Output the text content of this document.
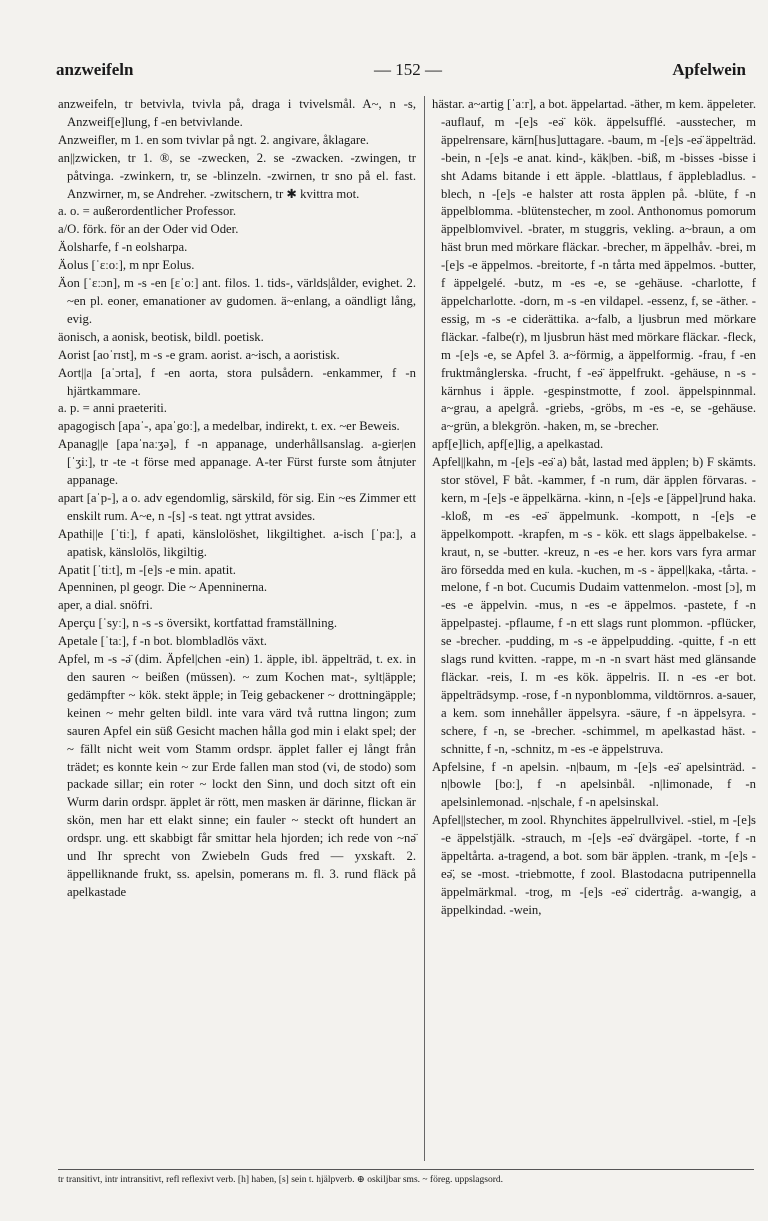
anzweifeln	— 152 —	Apfelwein

anzweifeln, tr betvivla, tvivla på, draga i tvivelsmål. A~, n -s, Anzweif[e]lung, f -en betvivlande.

Anzweifler, m 1. en som tvivlar på ngt. 2. angivare, åklagare.

an||zwicken, tr 1. ®, se -zwecken, 2. se -zwacken. -zwingen, tr påtvinga. -zwinkern, tr, se -blinzeln. -zwirnen, tr sno på el. fast. Anzwirner, m, se Andreher. -zwitschern, tr ✱ kvittra mot.

a. o. = außerordentlicher Professor.

a/O. förk. för an der Oder vid Oder.

Äolsharfe, f -n eolsharpa.

Äolus [ˈɛːoː], m npr Eolus.

Äon [ˈɛːɔn], m -s -en [ɛˈoː] ant. filos. 1. tids-, världs|ålder, evighet. 2. ~en pl. eoner, emanationer av gudomen. ä~enlang, a oändligt lång, evig.

äonisch, a aonisk, beotisk, bildl. poetisk.

Aorist [aoˈrɪst], m -s -e gram. aorist. a~isch, a aoristisk.

Aort||a [aˈɔrta], f -en aorta, stora pulsådern. -enkammer, f -n hjärtkammare.

a. p. = anni praeteriti.

apagogisch [apaˈ-, apaˈgoː], a medelbar, indirekt, t. ex. ~er Beweis.

Apanag||e [apaˈnaːʒə], f -n appanage, underhållsanslag. a-gier|en [ˈʒiː], tr -te -t förse med appanage. A-ter Fürst furste som åtnjuter appanage.

apart [aˈp-], a o. adv egendomlig, särskild, för sig. Ein ~es Zimmer ett enskilt rum. A~e, n -[s] -s teat. ngt yttrat avsides.

Apathi||e [ˈtiː], f apati, känslolöshet, likgiltighet. a-isch [ˈpaː], a apatisk, känslolös, likgiltig.

Apatit [ˈtiːt], m -[e]s -e min. apatit.

Apenninen, pl geogr. Die ~ Apenninerna.

aper, a dial. snöfri.

Aperçu [ˈsyː], n -s -s översikt, kortfattad framställning.

Apetale [ˈtaː], f -n bot. blombladlös växt.

Apfel, m -s -ǝ̈ (dim. Äpfel|chen -ein) 1. äpple, ibl. äppelträd, t. ex. in den sauren ~ beißen (müssen). ~ zum Kochen mat-, sylt|äpple; gedämpfter ~ kök. stekt äpple; in Teig gebackener ~ drottningäpple; keinen ~ mehr gelten bildl. inte vara värd två ruttna lingon; zum sauren Apfel ein süß Gesicht machen hålla god min i elakt spel; der ~ fällt nicht weit vom Stamm ordspr. äpplet faller ej långt från trädet; es konnte kein ~ zur Erde fallen man stod (vi, de stodo) som packade sillar; ein roter ~ lockt den Sinn, und doch sitzt oft ein Wurm darin ordspr. äpplet är rött, men masken är därinne, flickan är skön, men har ett elakt sinne; ein fauler ~ steckt oft hundert an ordspr. ung. ett skabbigt får smittar hela hjorden; ich rede von ~nǝ̈ und Ihr sprecht von Zwiebeln Guds fred — yxskaft. 2. äppelliknande frukt, ss. apelsin, pomerans m. fl. 3. rund fläck på apelkastade

hästar. a~artig [ˈaːr], a bot. äppelartad. -äther, m kem. äppeleter. -auflauf, m -[e]s -eǝ̈ kök. äppelsufflé. -ausstecher, m äppelrensare, kärn[hus]uttagare. -baum, m -[e]s -eǝ̈ äppelträd. -bein, n -[e]s -e anat. kind-, käk|ben. -biß, m -bisses -bisse i sht Adams bitande i ett äpple. -blattlaus, f äpplebladlus. -blech, n -[e]s -e halster att rosta äpplen på. -blüte, f -n äppelblomma. -blütenstecher, m zool. Anthonomus pomorum äppelblomvivel. -brater, m stuggris, vekling. a~braun, a om häst brun med mörkare fläckar. -brecher, m äppelhåv. -brei, m -[e]s -e äppelmos. -breitorte, f -n tårta med äppelmos. -butter, f äppelgelé. -butz, m -es -e, se -gehäuse. -charlotte, f äppelcharlotte. -dorn, m -s -en vildapel. -essenz, f, se -äther. -essig, m -s -e ciderättika. a~falb, a ljusbrun med mörkare fläckar. -falbe(r), m ljusbrun häst med mörkare fläckar. -fleck, m -[e]s -e, se Apfel 3. a~förmig, a äppelformig. -frau, f -en fruktmånglerska. -frucht, f -eǝ̈ äppelfrukt. -gehäuse, n -s - kärnhus i äpple. -gespinstmotte, f zool. äppelspinnmal. a~grau, a apelgrå. -griebs, -gröbs, m -es -e, se -gehäuse. a~grün, a blekgrön. -haken, m, se -brecher.

apf[e]lich, apf[e]lig, a apelkastad.

Apfel||kahn, m -[e]s -eǝ̈ a) båt, lastad med äpplen; b) F skämts. stor stövel, F båt. -kammer, f -n rum, där äpplen förvaras. -kern, m -[e]s -e äppelkärna. -kinn, n -[e]s -e [äppel]rund haka. -kloß, m -es -eǝ̈ äppelmunk. -kompott, n -[e]s -e äppelkompott. -krapfen, m -s - kök. ett slags äppelbakelse. -kraut, n, se -butter. -kreuz, n -es -e her. kors vars fyra armar äro försedda med en kula. -kuchen, m -s - äppel|kaka, -tårta. -melone, f -n bot. Cucumis Dudaim vattenmelon. -most [ɔ], m -es -e äppelvin. -mus, n -es -e äppelmos. -pastete, f -n äppelpastej. -pflaume, f -n ett slags runt plommon. -pflücker, se -brecher. -pudding, m -s -e äppelpudding. -quitte, f -n ett slags rund kvitten. -rappe, m -n -n svart häst med glänsande fläckar. -reis, I. m -es kök. äppelris. II. n -es -er bot. äppelträdsymp. -rose, f -n nyponblomma, vildtörnros. a-sauer, a kem. som innehåller äppelsyra. -säure, f -n äppelsyra. -schere, f -n, se -brecher. -schimmel, m apelkastad häst. -schnitte, f -n, -schnitz, m -es -e äppelstruva.

Apfelsine, f -n apelsin. -n|baum, m -[e]s -eǝ̈ apelsinträd. -n|bowle [boː], f -n apelsinbål. -n|limonade, f -n apelsinlemonad. -n|schale, f -n apelsinskal.

Apfel||stecher, m zool. Rhynchites äppelrullvivel. -stiel, m -[e]s -e äppelstjälk. -strauch, m -[e]s -eǝ̈ dvärgäpel. -torte, f -n äppeltårta. a-tragend, a bot. som bär äpplen. -trank, m -[e]s -eǝ̈, se -most. -triebmotte, f zool. Blastodacna putripennella äppelmärkmal. -trog, m -[e]s -eǝ̈ cidertråg. a-wangig, a äppelkindad. -wein,

tr transitivt, intr intransitivt, refl reflexivt verb. [h] haben, [s] sein t. hjälpverb. ⊕ oskiljbar sms. ~ föreg. uppslagsord.
